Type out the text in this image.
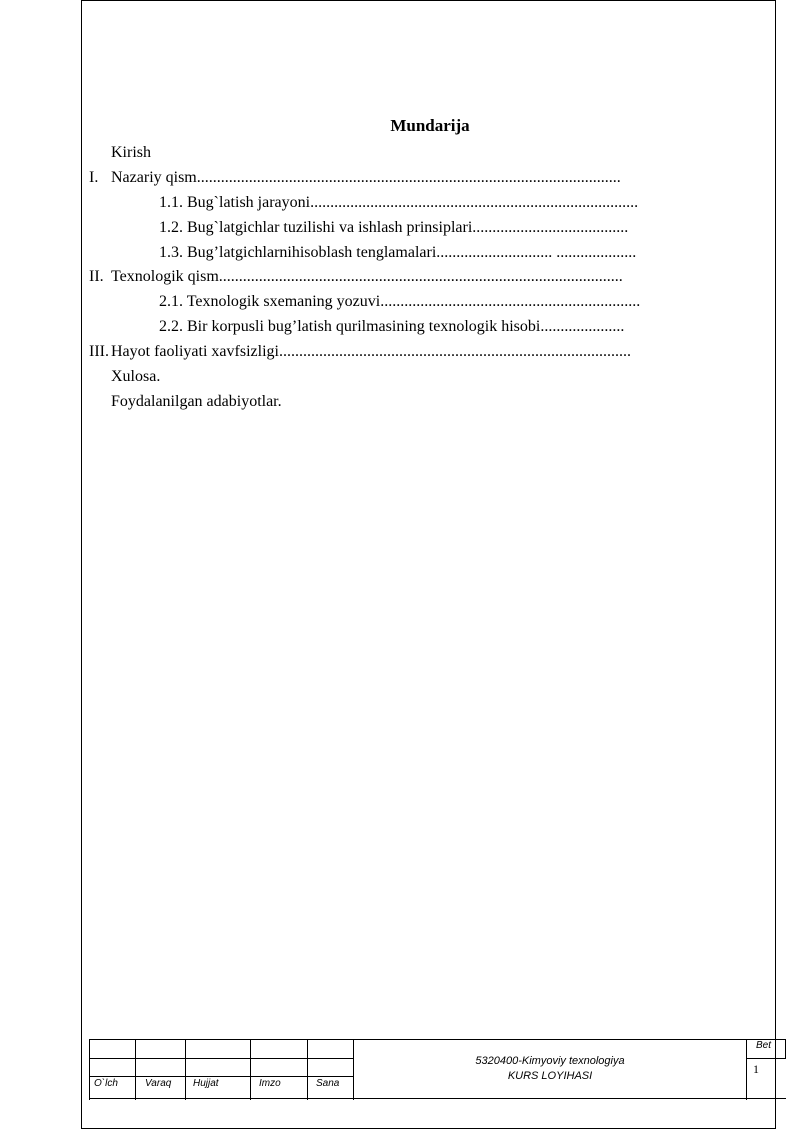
Mundarija
Kirish
I. Nazariy qism..........................................................................................................
1.1. Bug`latish jarayoni..................................................................................
1.2. Bug`latgichlar tuzilishi va ishlash prinsiplari.......................................
1.3. Bug’latgichlarnihisoblash tenglamalari............................. ....................
II. Texnologik qism.....................................................................................................
2.1. Texnologik sxemaning yozuvi.................................................................
2.2. Bir korpusli bug’latish qurilmasining texnologik hisobi.....................
III. Hayot faoliyati xavfsizligi........................................................................................
Xulosa.
Foydalanilgan adabiyotlar.
O`lch	Varaq Hujjat	Imzo	Sana
5320400-Kimyoviy texnologiya
KURS LOYIHASI
Bet
1
